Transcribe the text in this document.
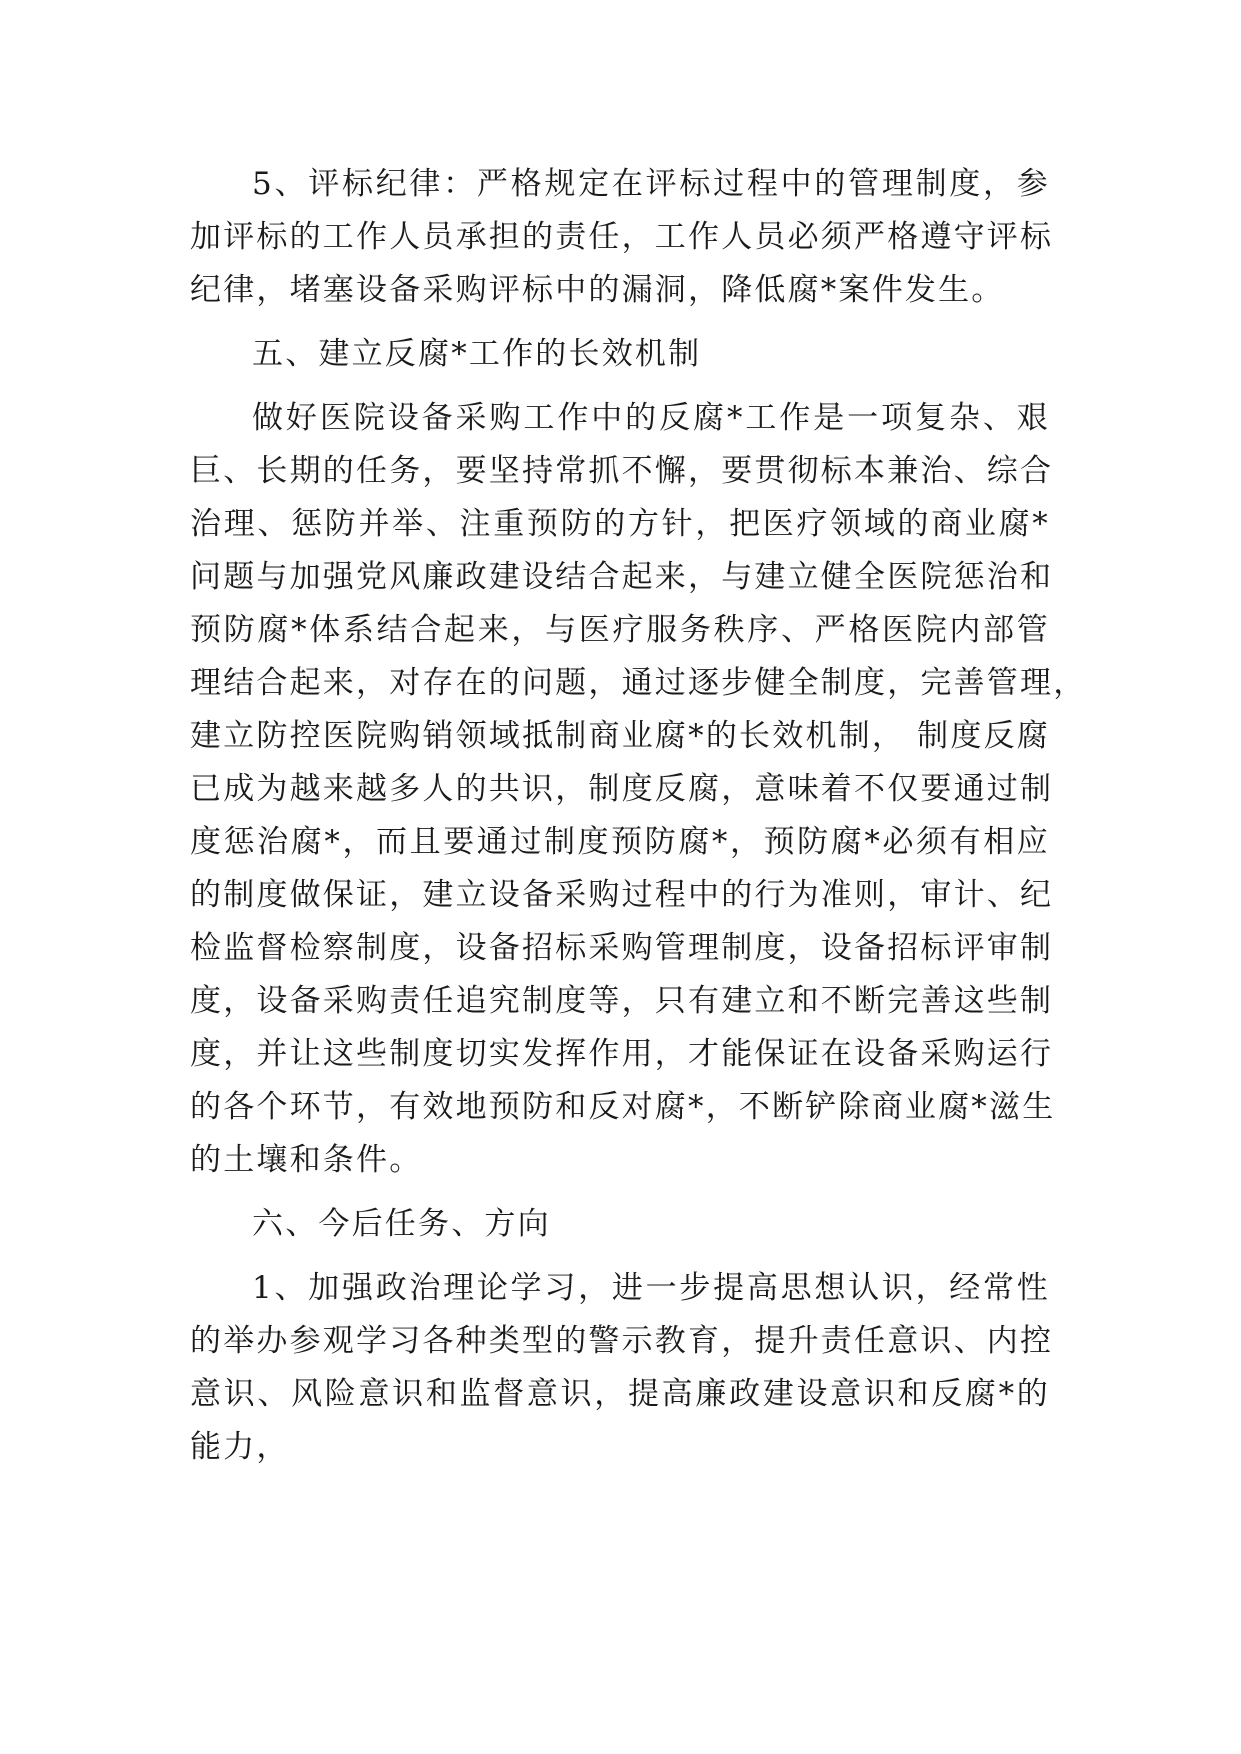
5、评标纪律：严格规定在评标过程中的管理制度，参
加评标的工作人员承担的责任，工作人员必须严格遵守评标
纪律，堵塞设备采购评标中的漏洞，降低腐*案件发生。
五、建立反腐*工作的长效机制
做好医院设备采购工作中的反腐*工作是一项复杂、艰
巨、长期的任务，要坚持常抓不懈，要贯彻标本兼治、综合
治理、惩防并举、注重预防的方针，把医疗领域的商业腐*
问题与加强党风廉政建设结合起来，与建立健全医院惩治和
预防腐*体系结合起来，与医疗服务秩序、严格医院内部管
理结合起来，对存在的问题，通过逐步健全制度，完善管理，
建立防控医院购销领域抵制商业腐*的长效机制， 制度反腐
已成为越来越多人的共识，制度反腐，意味着不仅要通过制
度惩治腐*，而且要通过制度预防腐*，预防腐*必须有相应
的制度做保证，建立设备采购过程中的行为准则，审计、纪
检监督检察制度，设备招标采购管理制度，设备招标评审制
度，设备采购责任追究制度等，只有建立和不断完善这些制
度，并让这些制度切实发挥作用，才能保证在设备采购运行
的各个环节，有效地预防和反对腐*，不断铲除商业腐*滋生
的土壤和条件。
六、今后任务、方向
1、加强政治理论学习，进一步提高思想认识，经常性
的举办参观学习各种类型的警示教育，提升责任意识、内控
意识、风险意识和监督意识，提高廉政建设意识和反腐*的
能力，
